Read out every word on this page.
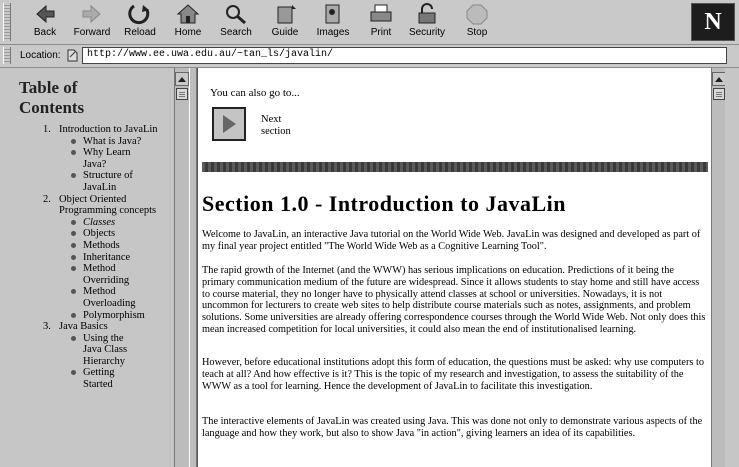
Back	Forward Reload Home Search Guide Images	Print	Security	Stop	N
Location:	http://www.ee.uwa.edu.au/~tan_ls/javalin/
Table of
Contents
1. Introduction to JavaLin
What is Java?
Why Learn Java?
Structure of JavaLin
2. Object Oriented Programming concepts
Classes
Objects
Methods
Inheritance
Method Overriding
Method Overloading
Polymorphism
3. Java Basics
Using the Java Class Hierarchy
Getting Started
You can also go to...
Next section
Section 1.0 - Introduction to JavaLin

Welcome to JavaLin, an interactive Java tutorial on the World Wide Web. JavaLin was designed and developed as part of my final year project entitled "The World Wide Web as a Cognitive Learning Tool".

The rapid growth of the Internet (and the WWW) has serious implications on education. Predictions of it being the primary communication medium of the future are widespread. Since it allows students to stay home and still have access to course material, they no longer have to physically attend classes at school or universities. Nowadays, it is not uncommon for lecturers to create web sites to help distribute course materials such as notes, assignments, and problem solutions. Some universities are already offering correspondence courses through the World Wide Web. Not only does this mean increased competition for local universities, it could also mean the end of institutionalised learning.

However, before educational institutions adopt this form of education, the questions must be asked: why use computers to teach at all? And how effective is it? This is the topic of my research and investigation, to assess the suitability of the WWW as a tool for learning. Hence the development of JavaLin to facilitate this investigation.

The interactive elements of JavaLin was created using Java. This was done not only to demonstrate various aspects of the language and how they work, but also to show Java "in action", giving learners an idea of its capabilities.
